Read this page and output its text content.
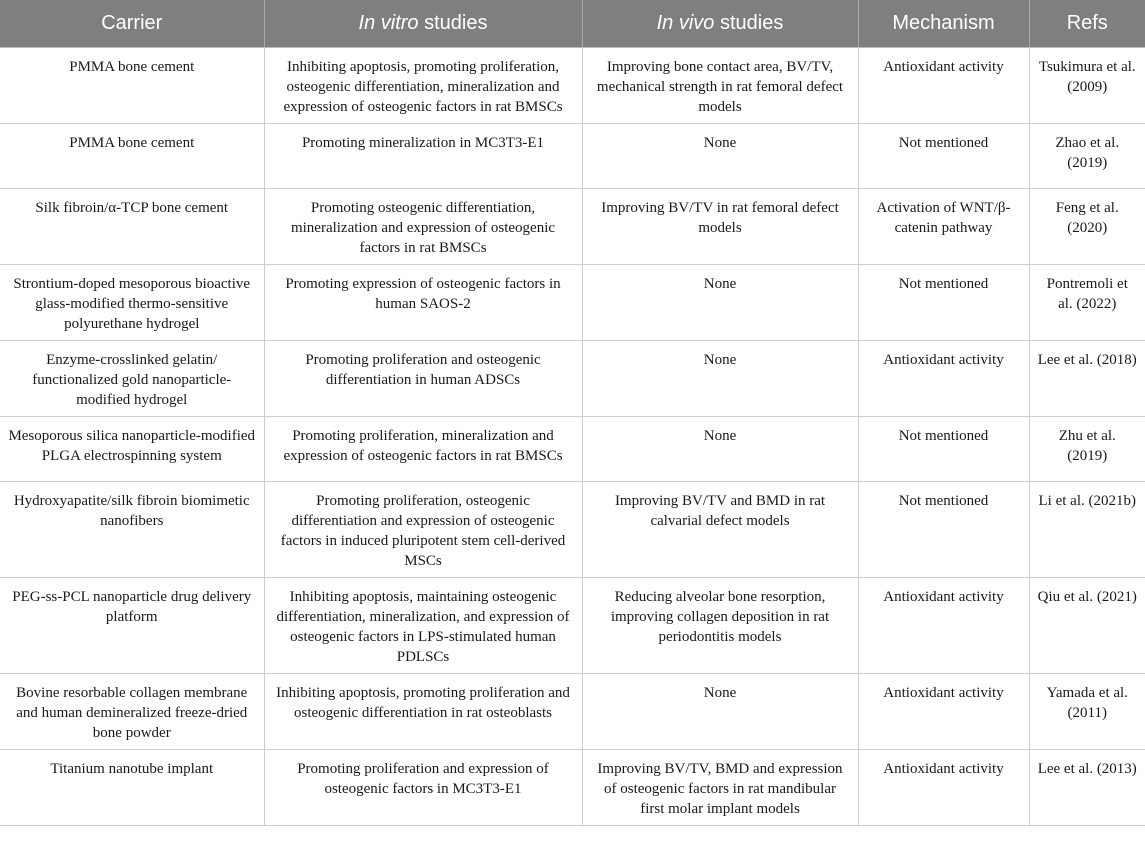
Carrier	In vitro studies	In vivo studies	Mechanism	Refs
PMMA bone cement	Inhibiting apoptosis, promoting proliferation, osteogenic differentiation, mineralization and expression of osteogenic factors in rat BMSCs	Improving bone contact area, BV/TV, mechanical strength in rat femoral defect models	Antioxidant activity	Tsukimura et al. (2009)
PMMA bone cement	Promoting mineralization in MC3T3-E1	None	Not mentioned	Zhao et al. (2019)
Silk fibroin/α-TCP bone cement	Promoting osteogenic differentiation, mineralization and expression of osteogenic factors in rat BMSCs	Improving BV/TV in rat femoral defect models	Activation of WNT/β-catenin pathway	Feng et al. (2020)
Strontium-doped mesoporous bioactive glass-modified thermo-sensitive polyurethane hydrogel	Promoting expression of osteogenic factors in human SAOS-2	None	Not mentioned	Pontremoli et al. (2022)
Enzyme-crosslinked gelatin/ functionalized gold nanoparticle-modified hydrogel	Promoting proliferation and osteogenic differentiation in human ADSCs	None	Antioxidant activity	Lee et al. (2018)
Mesoporous silica nanoparticle-modified PLGA electrospinning system	Promoting proliferation, mineralization and expression of osteogenic factors in rat BMSCs	None	Not mentioned	Zhu et al. (2019)
Hydroxyapatite/silk fibroin biomimetic nanofibers	Promoting proliferation, osteogenic differentiation and expression of osteogenic factors in induced pluripotent stem cell-derived MSCs	Improving BV/TV and BMD in rat calvarial defect models	Not mentioned	Li et al. (2021b)
PEG-ss-PCL nanoparticle drug delivery platform	Inhibiting apoptosis, maintaining osteogenic differentiation, mineralization, and expression of osteogenic factors in LPS-stimulated human PDLSCs	Reducing alveolar bone resorption, improving collagen deposition in rat periodontitis models	Antioxidant activity	Qiu et al. (2021)
Bovine resorbable collagen membrane and human demineralized freeze-dried bone powder	Inhibiting apoptosis, promoting proliferation and osteogenic differentiation in rat osteoblasts	None	Antioxidant activity	Yamada et al. (2011)
Titanium nanotube implant	Promoting proliferation and expression of osteogenic factors in MC3T3-E1	Improving BV/TV, BMD and expression of osteogenic factors in rat mandibular first molar implant models	Antioxidant activity	Lee et al. (2013)
